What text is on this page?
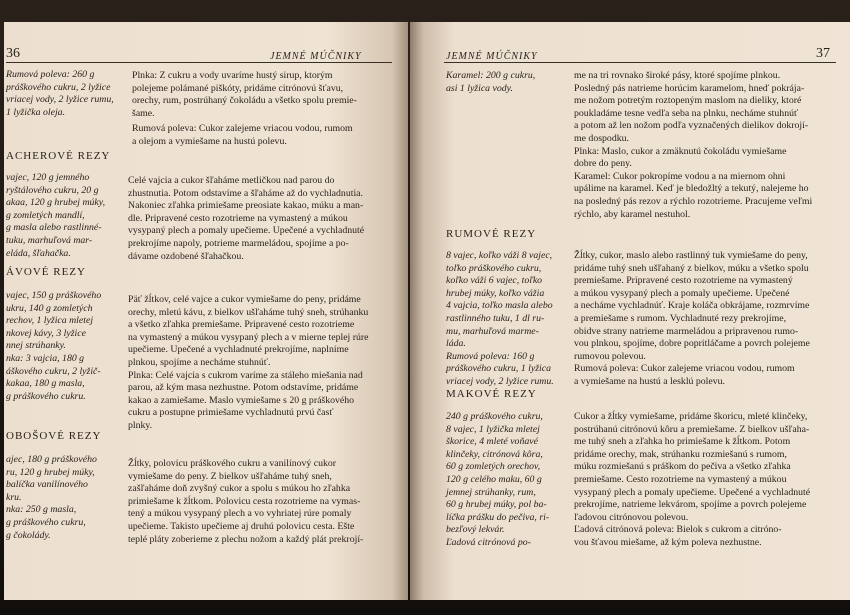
36	JEMNÉ MÚČNIKY

Rumová poleva: 260 g

práškového cukru, 2 lyžice

vriacej vody, 2 lyžice rumu,

1 lyžička oleja.

Plnka: Z cukru a vody uvaríme hustý sirup, ktorým

polejeme polámané piškóty, pridáme citrónovú šťavu,

orechy, rum, postrúhaný čokoládu a všetko spolu premie-

šame.

Rumová poleva: Cukor zalejeme vriacou vodou, rumom

a olejom a vymiešame na hustú polevu.

ACHEROVÉ REZY

vajec, 120 g jemného

ryštálového cukru, 20 g

akaa, 120 g hrubej múky,

g zomletých mandlí,

g masla alebo rastlinné-

tuku, marhuľová mar-

eláda, šľahačka.

Celé vajcia a cukor šľaháme metličkou nad parou do

zhustnutia. Potom odstavíme a šľaháme až do vychladnutia.

Nakoniec zľahka primiešame preosiate kakao, múku a man-

dle. Pripravené cesto rozotrieme na vymastený a múkou

vysypaný plech a pomaly upečieme. Upečené a vychladnuté

prekrojíme napoly, potrieme marmeládou, spojíme a po-

dávame ozdobené šľahačkou.

ÁVOVÉ REZY

vajec, 150 g práškového

ukru, 140 g zomletých

rechov, 1 lyžica mletej

nkovej kávy, 3 lyžice

nnej strúhanky.

nka: 3 vajcia, 180 g

áškového cukru, 2 lyžič-

kakaa, 180 g masla,

g práškového cukru.

Päť žĺtkov, celé vajce a cukor vymiešame do peny, pridáme

orechy, mletú kávu, z bielkov ušľaháme tuhý sneh, strúhanku

a všetko zľahka premiešame. Pripravené cesto rozotrieme

na vymastený a múkou vysypaný plech a v mierne teplej rúre

upečieme. Upečené a vychladnuté prekrojíme, naplníme

plnkou, spojíme a necháme stuhnúť.

Plnka: Celé vajcia s cukrom varíme za stáleho miešania nad

parou, až kým masa nezhustne. Potom odstavíme, pridáme

kakao a zamiešame. Maslo vymiešame s 20 g práškového

cukru a postupne primiešame vychladnutú prvú časť

plnky.

OBOŠOVÉ REZY

ajec, 180 g práškového

ru, 120 g hrubej múky,

balíčka vanilínového

kru.

nka: 250 g masla,

g práškového cukru,

g čokolády.

Žĺtky, polovicu práškového cukru a vanilínový cukor

vymiešame do peny. Z bielkov ušľaháme tuhý sneh,

zašľaháme doň zvyšný cukor a spolu s múkou ho zľahka

primiešame k žĺtkom. Polovicu cesta rozotrieme na vymas-

tený a múkou vysypaný plech a vo vyhriatej rúre pomaly

upečieme. Takisto upečieme aj druhú polovicu cesta. Ešte

teplé pláty zoberieme z plechu nožom a každý plát prekrojí-

JEMNÉ MÚČNIKY	37

Karamel: 200 g cukru,

asi 1 lyžica vody.

me na tri rovnako široké pásy, ktoré spojíme plnkou.

Posledný pás natrieme horúcim karamelom, hneď pokrája-

me nožom potretým roztopeným maslom na dieliky, ktoré

poukladáme tesne vedľa seba na plnku, necháme stuhnúť

a potom až len nožom podľa vyznačených dielikov dokrojí-

me dospodku.

Plnka: Maslo, cukor a zmäknutú čokoládu vymiešame

dobre do peny.

Karamel: Cukor pokropíme vodou a na miernom ohni

upálime na karamel. Keď je bledožltý a tekutý, nalejeme ho

na posledný pás rezov a rýchlo rozotrieme. Pracujeme veľmi

rýchlo, aby karamel nestuhol.

RUMOVÉ REZY

8 vajec, koľko váži 8 vajec,

toľko práškového cukru,

koľko váži 6 vajec, toľko

hrubej múky, koľko vážia

4 vajcia, toľko masla alebo

rastlinného tuku, 1 dl ru-

mu, marhuľová marme-

láda.

Rumová poleva: 160 g

práškového cukru, 1 lyžica

vriacej vody, 2 lyžice rumu.

Žĺtky, cukor, maslo alebo rastlinný tuk vymiešame do peny,

pridáme tuhý sneh ušľahaný z bielkov, múku a všetko spolu

premiešame. Pripravené cesto rozotrieme na vymastený

a múkou vysypaný plech a pomaly upečieme. Upečené

a necháme vychladnúť. Kraje koláča obkrájame, rozmrvíme

a premiešame s rumom. Vychladnuté rezy prekrojíme,

obidve strany natrieme marmeládou a pripravenou rumo-

vou plnkou, spojíme, dobre popritláčame a povrch polejeme

rumovou polevou.

Rumová poleva: Cukor zalejeme vriacou vodou, rumom

a vymiešame na hustú a lesklú polevu.

MAKOVÉ REZY

240 g práškového cukru,

8 vajec, 1 lyžička mletej

škorice, 4 mleté voňavé

klinčeky, citrónová kôra,

60 g zomletých orechov,

120 g celého maku, 60 g

jemnej strúhanky, rum,

60 g hrubej múky, pol ba-

líčka prášku do pečiva, ri-

bezľový lekvár.

Ľadová citrónová po-

Cukor a žĺtky vymiešame, pridáme škoricu, mleté klinčeky,

postrúhanú citrónovú kôru a premiešame. Z bielkov ušľaha-

me tuhý sneh a zľahka ho primiešame k žĺtkom. Potom

pridáme orechy, mak, strúhanku rozmiešanú s rumom,

múku rozmiešanú s práškom do pečiva a všetko zľahka

premiešame. Cesto rozotrieme na vymastený a múkou

vysypaný plech a pomaly upečieme. Upečené a vychladnuté

prekrojíme, natrieme lekvárom, spojíme a povrch polejeme

ľadovou citrónovou polevou.

Ľadová citrónová poleva: Bielok s cukrom a citróno-

vou šťavou miešame, až kým poleva nezhustne.
